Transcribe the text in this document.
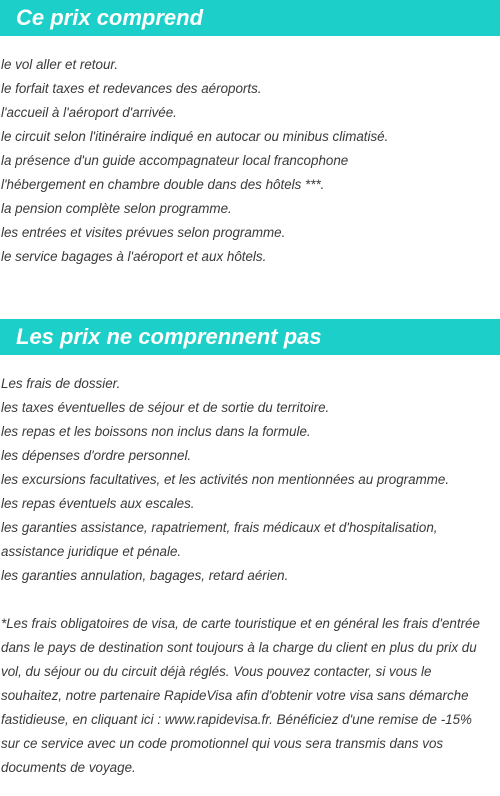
Ce prix comprend
le vol aller et retour.
le forfait taxes et redevances des aéroports.
l'accueil à l'aéroport d'arrivée.
le circuit selon l'itinéraire indiqué en autocar ou minibus climatisé.
la présence d'un guide accompagnateur local francophone
l'hébergement en chambre double dans des hôtels ***.
la pension complète selon programme.
les entrées et visites prévues selon programme.
le service bagages à l'aéroport et aux hôtels.
Les prix ne comprennent pas
Les frais de dossier.
les taxes éventuelles de séjour et de sortie du territoire.
les repas et les boissons non inclus dans la formule.
les dépenses d'ordre personnel.
les excursions facultatives, et les activités non mentionnées au programme.
les repas éventuels aux escales.
les garanties assistance, rapatriement, frais médicaux et d'hospitalisation,
assistance juridique et pénale.
les garanties annulation, bagages, retard aérien.

*Les frais obligatoires de visa, de carte touristique et en général les frais d'entrée dans le pays de destination sont toujours à la charge du client en plus du prix du vol, du séjour ou du circuit déjà réglés. Vous pouvez contacter, si vous le souhaitez, notre partenaire RapideVisa afin d'obtenir votre visa sans démarche fastidieuse, en cliquant ici : www.rapidevisa.fr. Bénéficiez d'une remise de -15% sur ce service avec un code promotionnel qui vous sera transmis dans vos documents de voyage.
